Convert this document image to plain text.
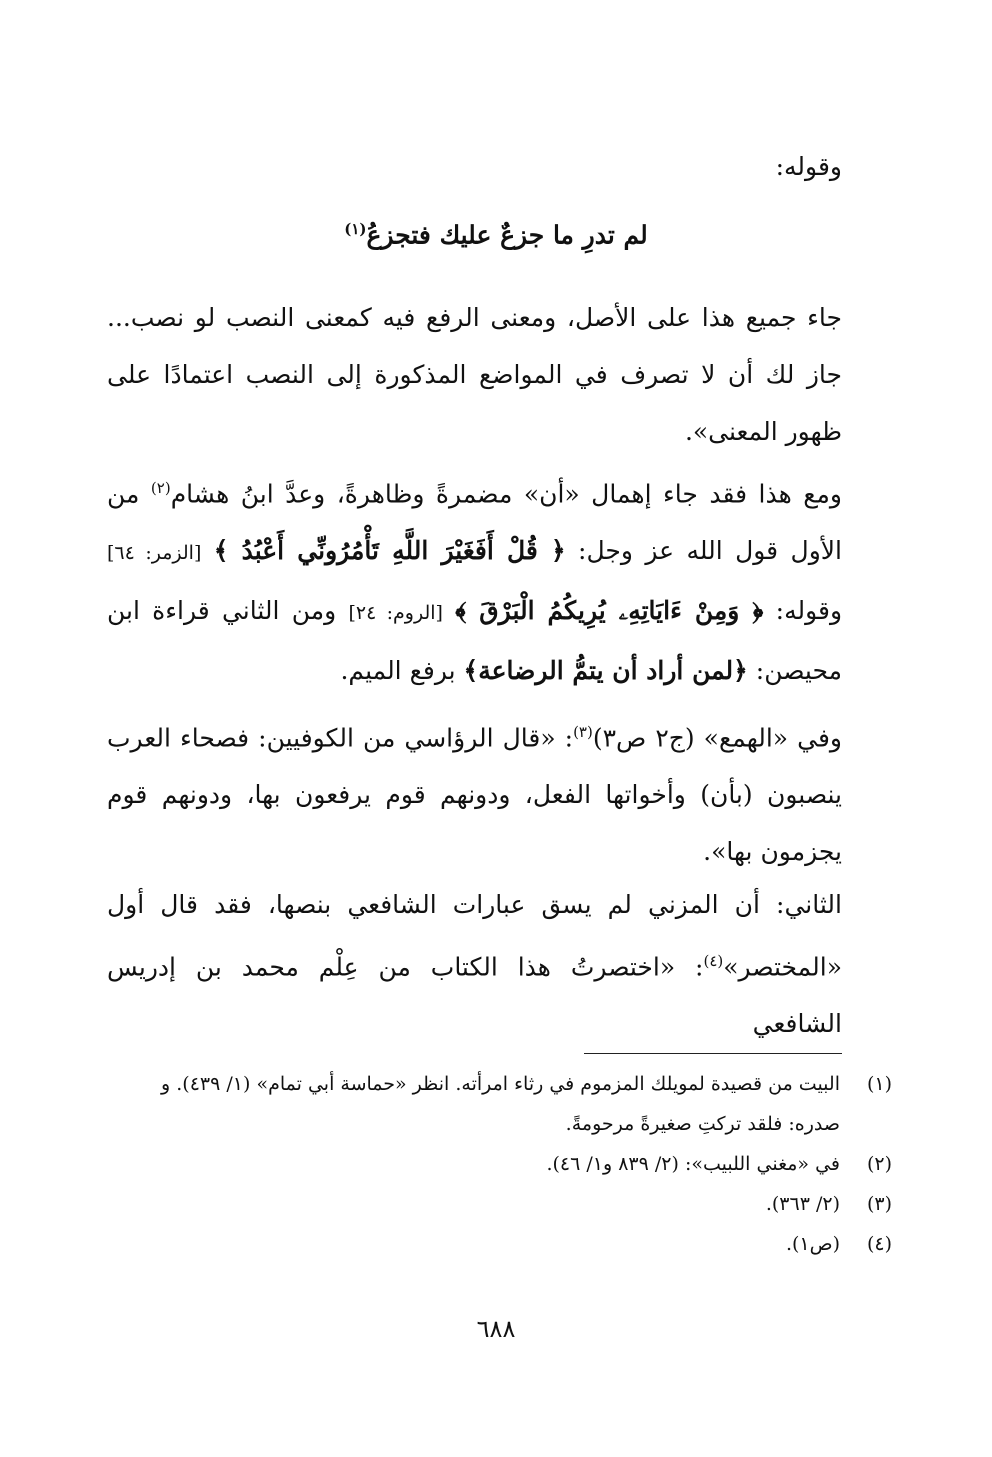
وقوله:
لم تدرِ ما جزعٌ عليك فتجزعُ$^{(١)}$
جاء جميع هذا على الأصل، ومعنى الرفع فيه كمعنى النصب لو نصب... جاز لك أن لا تصرف في المواضع المذكورة إلى النصب اعتمادًا على ظهور المعنى».
ومع هذا فقد جاء إهمال «أن» مضمرةً وظاهرةً، وعدَّ ابنُ هشام$^{(٢)}$ من الأول قول الله عز وجل: ﴿ قُلْ أَفَغَيْرَ اللَّهِ تَأْمُرُونِّي أَعْبُدُ ﴾ [الزمر: ٦٤] وقوله: ﴿ وَمِنْ ءَايَاتِهِۦ يُرِيكُمُ الْبَرْقَ ﴾ [الروم: ٢٤] ومن الثاني قراءة ابن محيصن: ﴿لمن أراد أن يتمُّ الرضاعة﴾ برفع الميم.
وفي «الهمع» (ج٢ ص٣)$^{(٣)}$: «قال الرؤاسي من الكوفيين: فصحاء العرب ينصبون (بأن) وأخواتها الفعل، ودونهم قوم يرفعون بها، ودونهم قوم يجزمون بها».
الثاني: أن المزني لم يسق عبارات الشافعي بنصها، فقد قال أول «المختصر»$^{(٤)}$: «اختصرتُ هذا الكتاب من عِلْم محمد بن إدريس الشافعي
(١)
البيت من قصيدة لمويلك المزموم في رثاء امرأته. انظر «حماسة أبي تمام» (١/ ٤٣٩). و صدره: فلقد تركتِ صغيرةً مرحومةً.
(٢)
في «مغني اللبيب»: (٢/ ٨٣٩ و١/ ٤٦).
(٣)
(٢/ ٣٦٣).
(٤)
(ص١).
٦٨٨
